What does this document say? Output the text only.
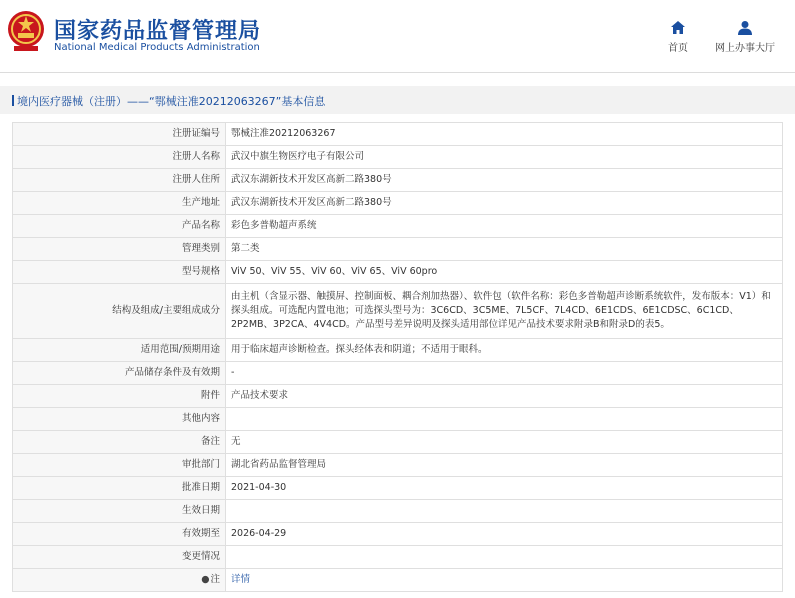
国家药品监督管理局
National Medical Products Administration	首页	网上办事大厅
境内医疗器械（注册）——“鄂械注准20212063267”基本信息
注册证编号	鄂械注准20212063267
注册人名称	武汉中旗生物医疗电子有限公司
注册人住所	武汉东湖新技术开发区高新二路380号
生产地址	武汉东湖新技术开发区高新二路380号
产品名称	彩色多普勒超声系统
管理类别	第二类
型号规格	ViV 50、ViV 55、ViV 60、ViV 65、ViV 60pro
结构及组成/主要组成成分	由主机（含显示器、触摸屏、控制面板、耦合剂加热器）、软件包（软件名称：彩色多普勒超声诊断系统软件，发布版本：V1）和探头组成。可选配内置电池；可选探头型号为：3C6CD、3C5ME、7L5CF、7L4CD、6E1CDS、6E1CDSC、6C1CD、2P2MB、3P2CA、4V4CD。产品型号差异说明及探头适用部位详见产品技术要求附录B和附录D的表5。
适用范围/预期用途	用于临床超声诊断检查。探头经体表和阴道；不适用于眼科。
产品储存条件及有效期	-
附件	产品技术要求
其他内容	
备注	无
审批部门	湖北省药品监督管理局
批准日期	2021-04-30
生效日期	
有效期至	2026-04-29
变更情况	
●注	详情
